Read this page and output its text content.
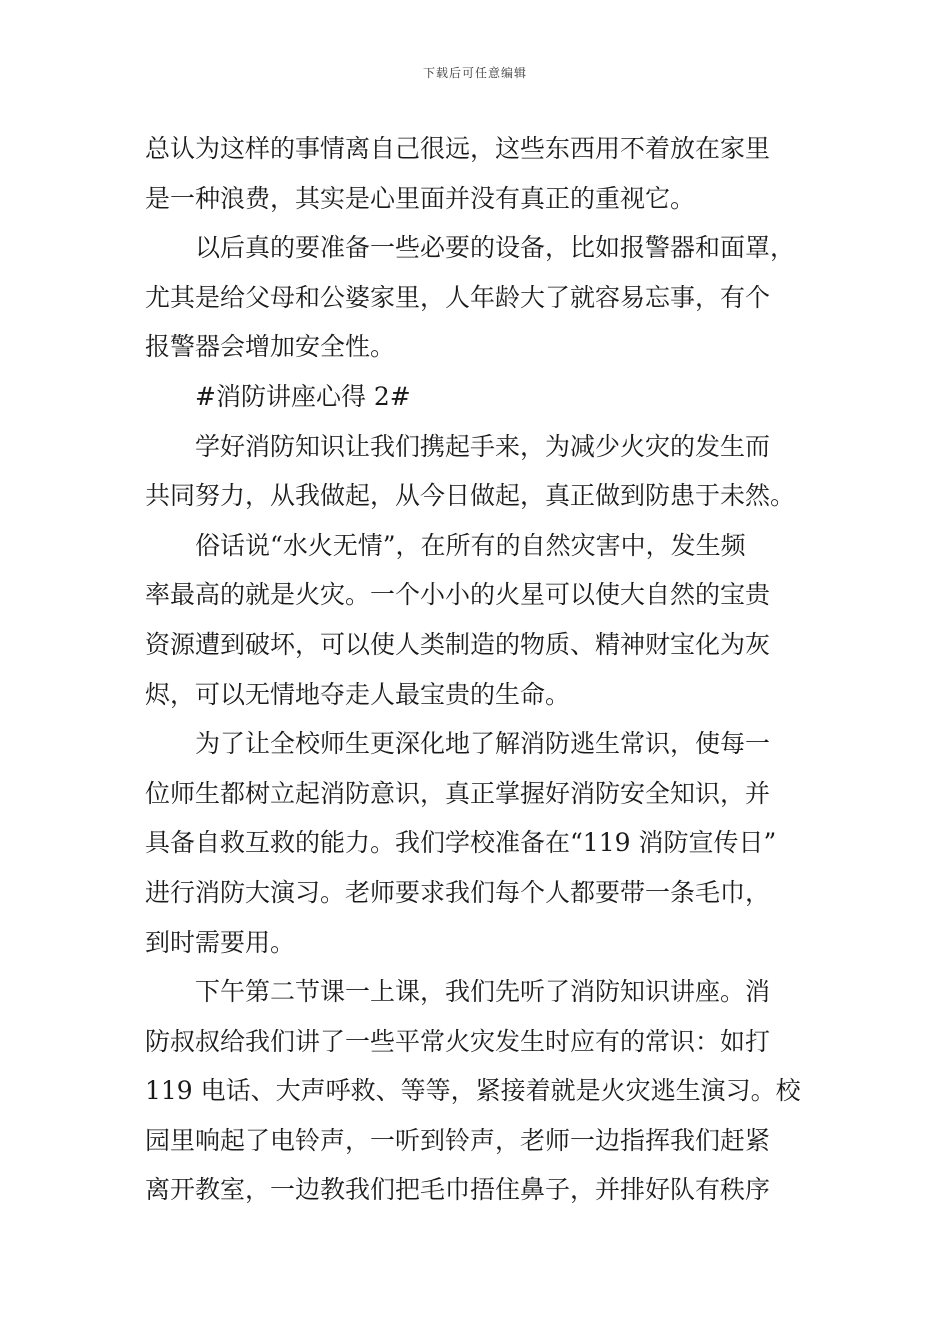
下载后可任意编辑
总认为这样的事情离自己很远，这些东西用不着放在家里
是一种浪费，其实是心里面并没有真正的重视它。
以后真的要准备一些必要的设备，比如报警器和面罩，
尤其是给父母和公婆家里，人年龄大了就容易忘事，有个
报警器会增加安全性。
#消防讲座心得 2#
学好消防知识让我们携起手来，为减少火灾的发生而
共同努力，从我做起，从今日做起，真正做到防患于未然。
俗话说“水火无情”，在所有的自然灾害中，发生频
率最高的就是火灾。一个小小的火星可以使大自然的宝贵
资源遭到破坏，可以使人类制造的物质、精神财宝化为灰
烬，可以无情地夺走人最宝贵的生命。
为了让全校师生更深化地了解消防逃生常识，使每一
位师生都树立起消防意识，真正掌握好消防安全知识，并
具备自救互救的能力。我们学校准备在“119 消防宣传日”
进行消防大演习。老师要求我们每个人都要带一条毛巾，
到时需要用。
下午第二节课一上课，我们先听了消防知识讲座。消
防叔叔给我们讲了一些平常火灾发生时应有的常识：如打
119 电话、大声呼救、等等，紧接着就是火灾逃生演习。校
园里响起了电铃声，一听到铃声，老师一边指挥我们赶紧
离开教室，一边教我们把毛巾捂住鼻子，并排好队有秩序
